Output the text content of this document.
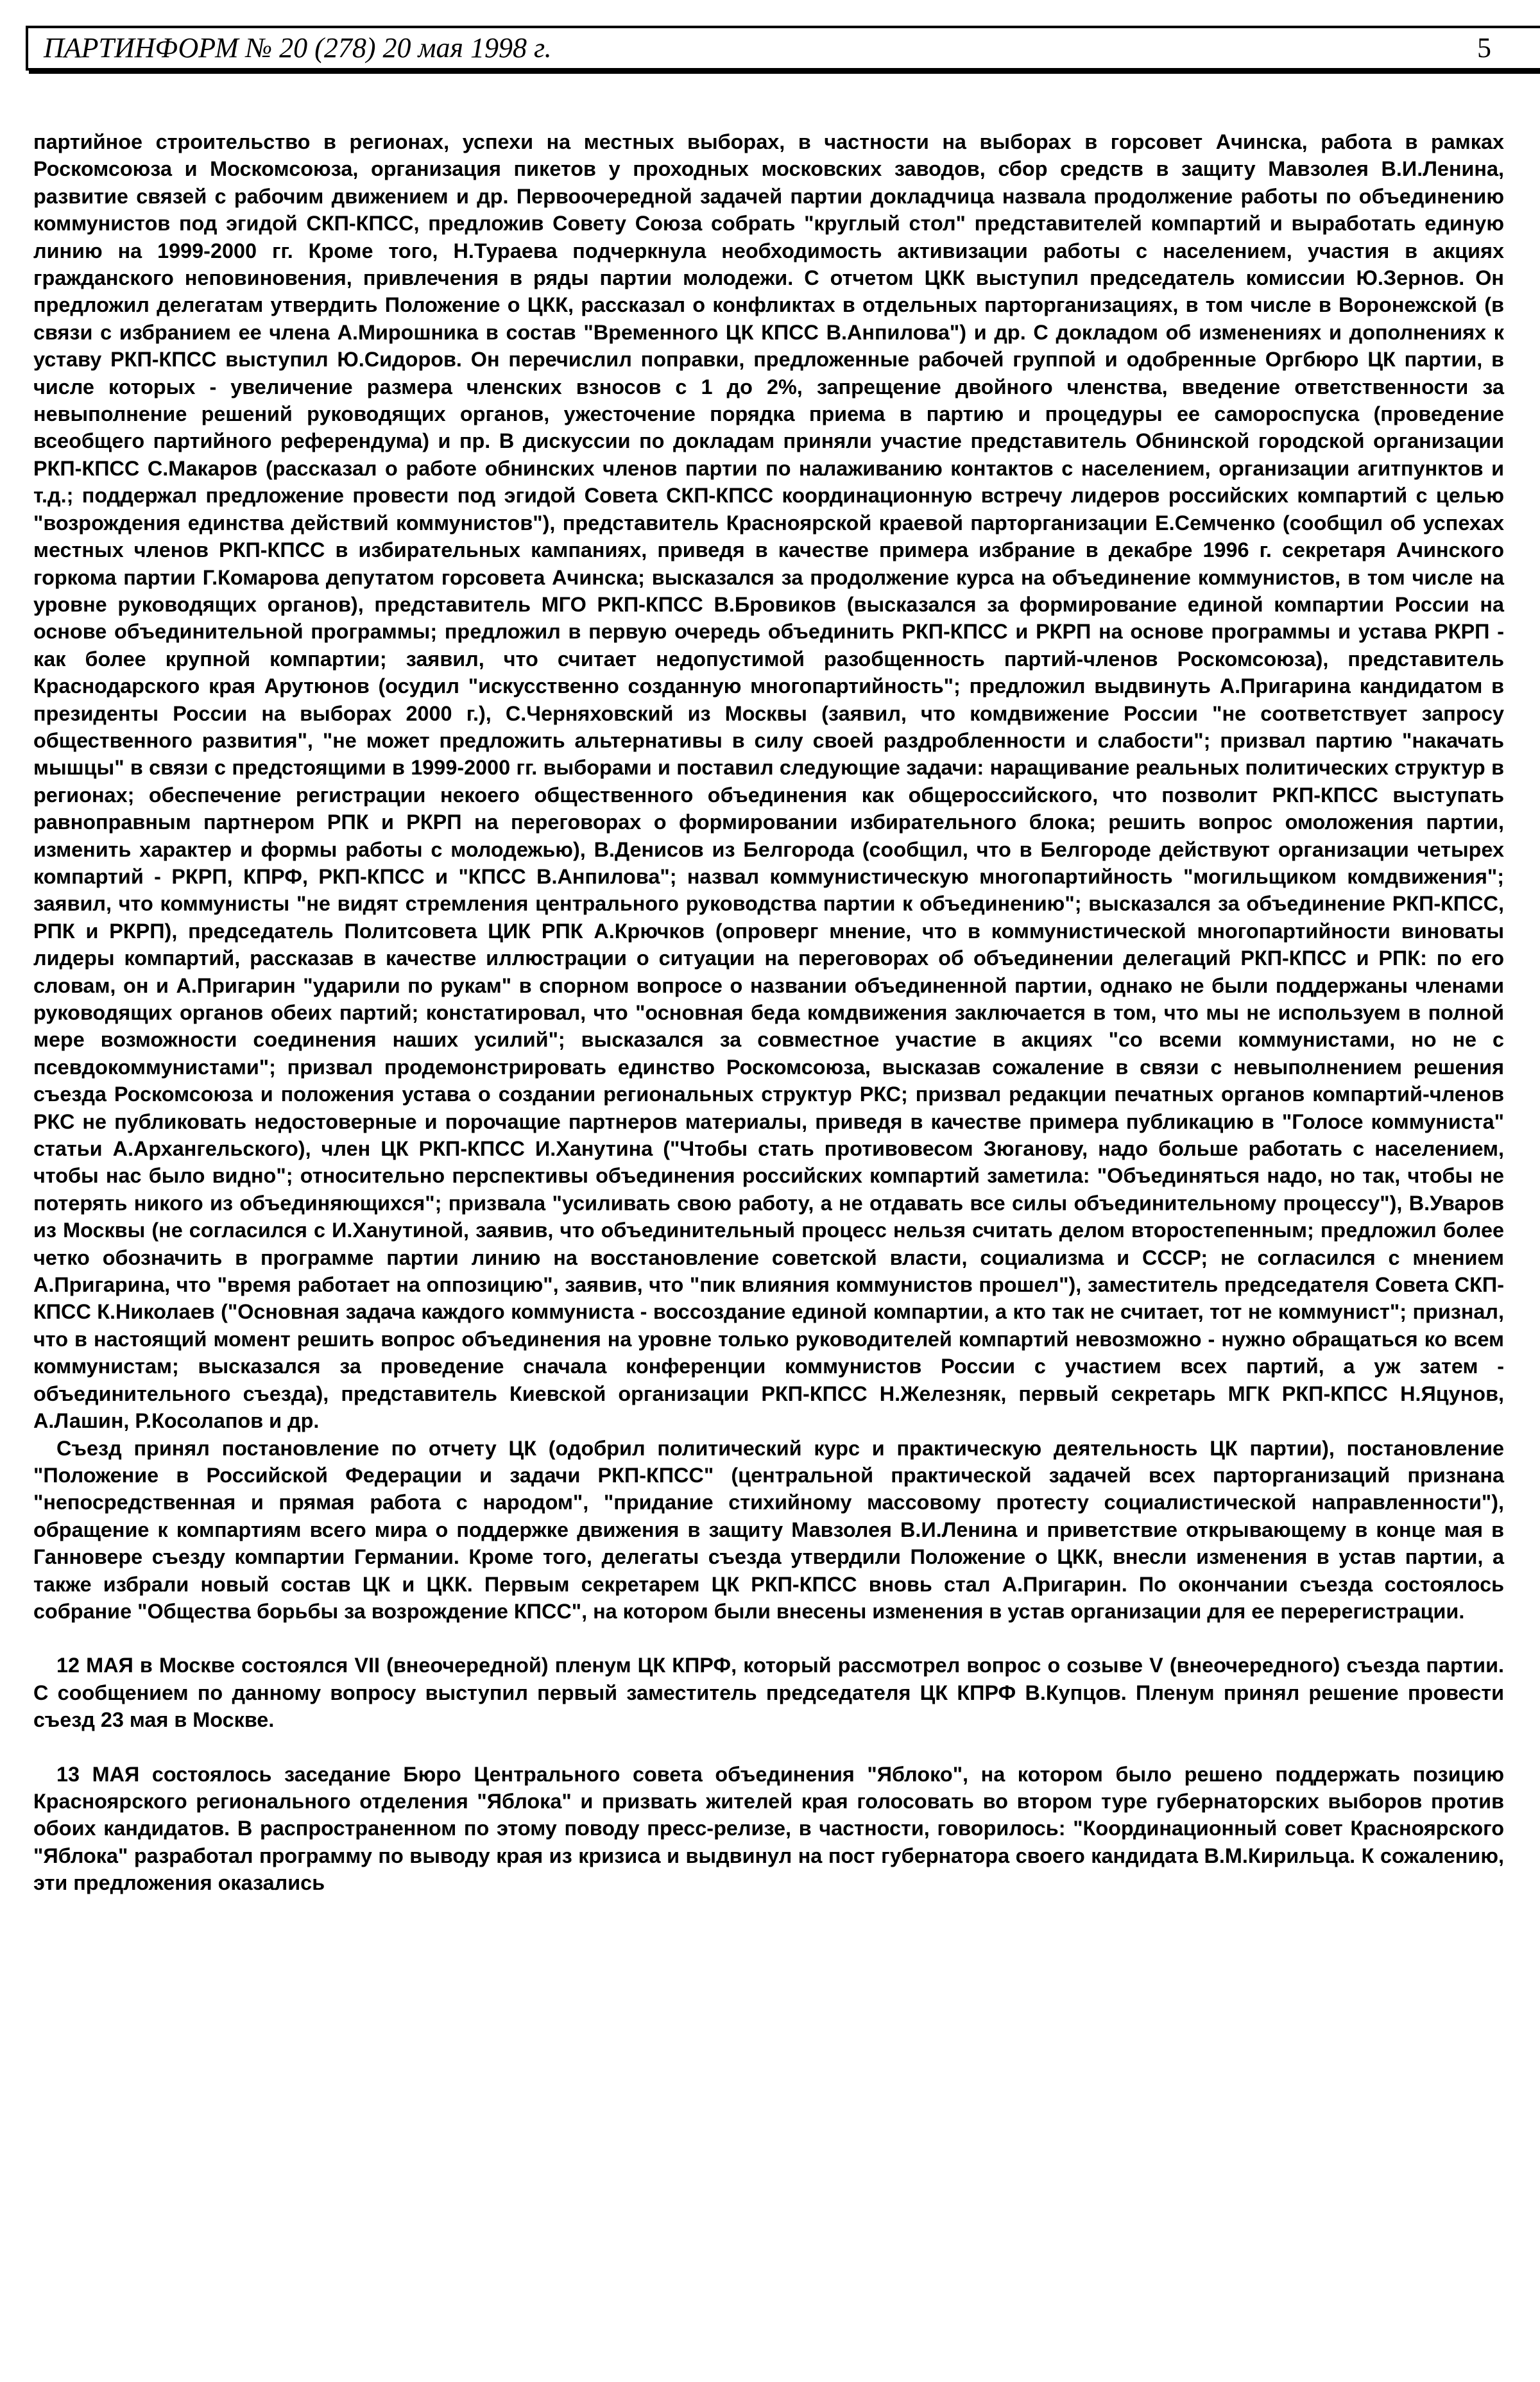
ПАРТИНФОРМ № 20 (278) 20 мая 1998 г.	5

партийное строительство в регионах, успехи на местных выборах, в частности на выборах в горсовет Ачинска, работа в рамках Роскомсоюза и Москомсоюза, организация пикетов у проходных московских заводов, сбор средств в защиту Мавзолея В.И.Ленина, развитие связей с рабочим движением и др. Первоочередной задачей партии докладчица назвала продолжение работы по объединению коммунистов под эгидой СКП-КПСС, предложив Совету Союза собрать "круглый стол" представителей компартий и выработать единую линию на 1999-2000 гг. Кроме того, Н.Тураева подчеркнула необходимость активизации работы с населением, участия в акциях гражданского неповиновения, привлечения в ряды партии молодежи. С отчетом ЦКК выступил председатель комиссии Ю.Зернов. Он предложил делегатам утвердить Положение о ЦКК, рассказал о конфликтах в отдельных парторганизациях, в том числе в Воронежской (в связи с избранием ее члена А.Мирошника в состав "Временного ЦК КПСС В.Анпилова") и др. С докладом об изменениях и дополнениях к уставу РКП-КПСС выступил Ю.Сидоров. Он перечислил поправки, предложенные рабочей группой и одобренные Оргбюро ЦК партии, в числе которых - увеличение размера членских взносов с 1 до 2%, запрещение двойного членства, введение ответственности за невыполнение решений руководящих органов, ужесточение порядка приема в партию и процедуры ее самороспуска (проведение всеобщего партийного референдума) и пр. В дискуссии по докладам приняли участие представитель Обнинской городской организации РКП-КПСС С.Макаров (рассказал о работе обнинских членов партии по налаживанию контактов с населением, организации агитпунктов и т.д.; поддержал предложение провести под эгидой Совета СКП-КПСС координационную встречу лидеров российских компартий с целью "возрождения единства действий коммунистов"), представитель Красноярской краевой парторганизации Е.Семченко (сообщил об успехах местных членов РКП-КПСС в избирательных кампаниях, приведя в качестве примера избрание в декабре 1996 г. секретаря Ачинского горкома партии Г.Комарова депутатом горсовета Ачинска; высказался за продолжение курса на объединение коммунистов, в том числе на уровне руководящих органов), представитель МГО РКП-КПСС В.Бровиков (высказался за формирование единой компартии России на основе объединительной программы; предложил в первую очередь объединить РКП-КПСС и РКРП на основе программы и устава РКРП - как более крупной компартии; заявил, что считает недопустимой разобщенность партий-членов Роскомсоюза), представитель Краснодарского края Арутюнов (осудил "искусственно созданную многопартийность"; предложил выдвинуть А.Пригарина кандидатом в президенты России на выборах 2000 г.), С.Черняховский из Москвы (заявил, что комдвижение России "не соответствует запросу общественного развития", "не может предложить альтернативы в силу своей раздробленности и слабости"; призвал партию "накачать мышцы" в связи с предстоящими в 1999-2000 гг. выборами и поставил следующие задачи: наращивание реальных политических структур в регионах; обеспечение регистрации некоего общественного объединения как общероссийского, что позволит РКП-КПСС выступать равноправным партнером РПК и РКРП на переговорах о формировании избирательного блока; решить вопрос омоложения партии, изменить характер и формы работы с молодежью), В.Денисов из Белгорода (сообщил, что в Белгороде действуют организации четырех компартий - РКРП, КПРФ, РКП-КПСС и "КПСС В.Анпилова"; назвал коммунистическую многопартийность "могильщиком комдвижения"; заявил, что коммунисты "не видят стремления центрального руководства партии к объединению"; высказался за объединение РКП-КПСС, РПК и РКРП), председатель Политсовета ЦИК РПК А.Крючков (опроверг мнение, что в коммунистической многопартийности виноваты лидеры компартий, рассказав в качестве иллюстрации о ситуации на переговорах об объединении делегаций РКП-КПСС и РПК: по его словам, он и А.Пригарин "ударили по рукам" в спорном вопросе о названии объединенной партии, однако не были поддержаны членами руководящих органов обеих партий; констатировал, что "основная беда комдвижения заключается в том, что мы не используем в полной мере возможности соединения наших усилий"; высказался за совместное участие в акциях "со всеми коммунистами, но не с псевдокоммунистами"; призвал продемонстрировать единство Роскомсоюза, высказав сожаление в связи с невыполнением решения съезда Роскомсоюза и положения устава о создании региональных структур РКС; призвал редакции печатных органов компартий-членов РКС не публиковать недостоверные и порочащие партнеров материалы, приведя в качестве примера публикацию в "Голосе коммуниста" статьи А.Архангельского), член ЦК РКП-КПСС И.Ханутина ("Чтобы стать противовесом Зюганову, надо больше работать с населением, чтобы нас было видно"; относительно перспективы объединения российских компартий заметила: "Объединяться надо, но так, чтобы не потерять никого из объединяющихся"; призвала "усиливать свою работу, а не отдавать все силы объединительному процессу"), В.Уваров из Москвы (не согласился с И.Ханутиной, заявив, что объединительный процесс нельзя считать делом второстепенным; предложил более четко обозначить в программе партии линию на восстановление советской власти, социализма и СССР; не согласился с мнением А.Пригарина, что "время работает на оппозицию", заявив, что "пик влияния коммунистов прошел"), заместитель председателя Совета СКП-КПСС К.Николаев ("Основная задача каждого коммуниста - воссоздание единой компартии, а кто так не считает, тот не коммунист"; признал, что в настоящий момент решить вопрос объединения на уровне только руководителей компартий невозможно - нужно обращаться ко всем коммунистам; высказался за проведение сначала конференции коммунистов России с участием всех партий, а уж затем - объединительного съезда), представитель Киевской организации РКП-КПСС Н.Железняк, первый секретарь МГК РКП-КПСС Н.Яцунов, А.Лашин, Р.Косолапов и др.

Съезд принял постановление по отчету ЦК (одобрил политический курс и практическую деятельность ЦК партии), постановление "Положение в Российской Федерации и задачи РКП-КПСС" (центральной практической задачей всех парторганизаций признана "непосредственная и прямая работа с народом", "придание стихийному массовому протесту социалистической направленности"), обращение к компартиям всего мира о поддержке движения в защиту Мавзолея В.И.Ленина и приветствие открывающему в конце мая в Ганновере съезду компартии Германии. Кроме того, делегаты съезда утвердили Положение о ЦКК, внесли изменения в устав партии, а также избрали новый состав ЦК и ЦКК. Первым секретарем ЦК РКП-КПСС вновь стал А.Пригарин. По окончании съезда состоялось собрание "Общества борьбы за возрождение КПСС", на котором были внесены изменения в устав организации для ее перерегистрации.

12 МАЯ в Москве состоялся VII (внеочередной) пленум ЦК КПРФ, который рассмотрел вопрос о созыве V (внеочередного) съезда партии. С сообщением по данному вопросу выступил первый заместитель председателя ЦК КПРФ В.Купцов. Пленум принял решение провести съезд 23 мая в Москве.

13 МАЯ состоялось заседание Бюро Центрального совета объединения "Яблоко", на котором было решено поддержать позицию Красноярского регионального отделения "Яблока" и призвать жителей края голосовать во втором туре губернаторских выборов против обоих кандидатов. В распространенном по этому поводу пресс-релизе, в частности, говорилось: "Координационный совет Красноярского "Яблока" разработал программу по выводу края из кризиса и выдвинул на пост губернатора своего кандидата В.М.Кирильца. К сожалению, эти предложения оказались
